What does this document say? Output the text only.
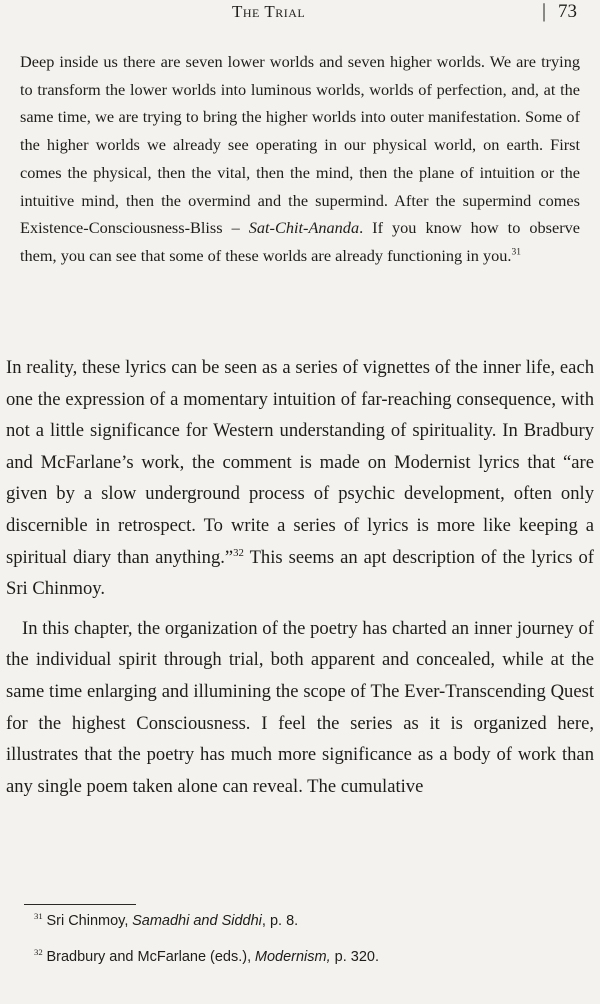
The Trial	| 73

Deep inside us there are seven lower worlds and seven higher worlds. We are trying to transform the lower worlds into luminous worlds, worlds of perfection, and, at the same time, we are trying to bring the higher worlds into outer manifestation. Some of the higher worlds we already see operating in our physical world, on earth. First comes the physical, then the vital, then the mind, then the plane of intuition or the intuitive mind, then the overmind and the supermind. After the supermind comes Existence-Consciousness-Bliss – Sat-Chit-Ananda. If you know how to observe them, you can see that some of these worlds are already functioning in you.$^{31}$

In reality, these lyrics can be seen as a series of vignettes of the inner life, each one the expression of a momentary intuition of far-reaching consequence, with not a little significance for Western understanding of spirituality. In Bradbury and McFarlane’s work, the comment is made on Modernist lyrics that “are given by a slow underground process of psychic development, often only discernible in retrospect. To write a series of lyrics is more like keeping a spiritual diary than anything.”$^{32}$ This seems an apt description of the lyrics of Sri Chinmoy.

In this chapter, the organization of the poetry has charted an inner journey of the individual spirit through trial, both apparent and concealed, while at the same time enlarging and illumining the scope of The Ever-Transcending Quest for the highest Consciousness. I feel the series as it is organized here, illustrates that the poetry has much more significance as a body of work than any single poem taken alone can reveal. The cumulative

$^{31}$ Sri Chinmoy, Samadhi and Siddhi, p. 8.

$^{32}$ Bradbury and McFarlane (eds.), Modernism, p. 320.
